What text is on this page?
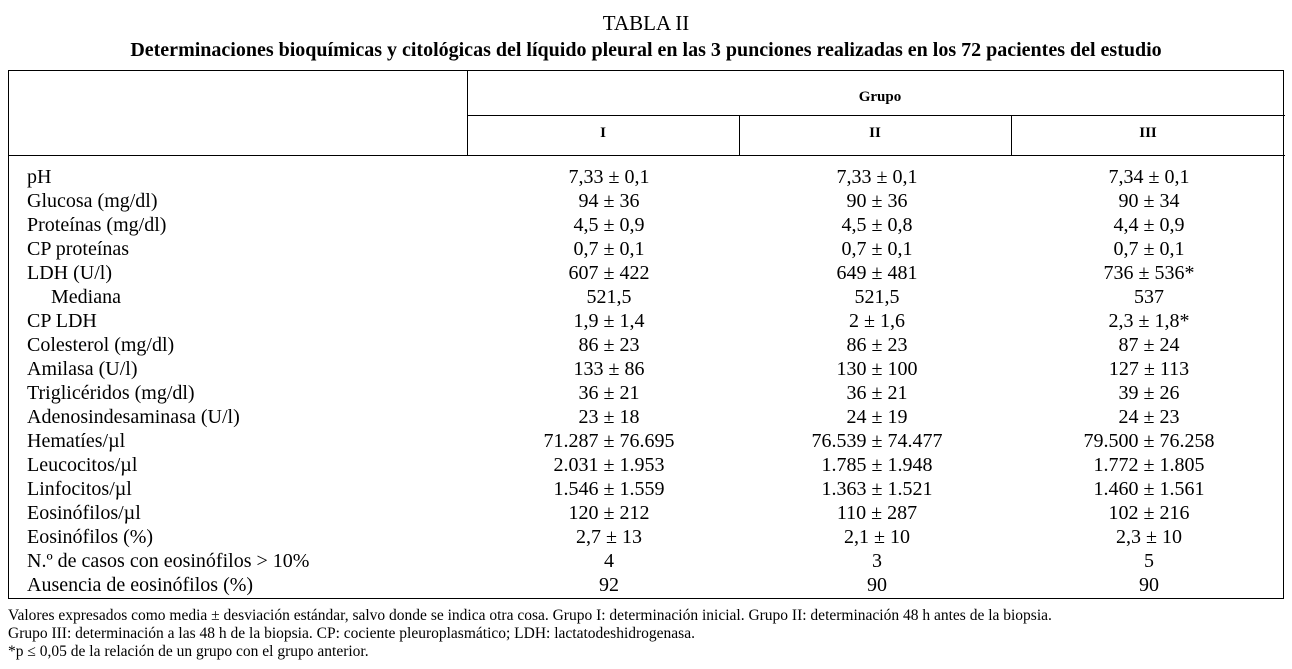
TABLA II
Determinaciones bioquímicas y citológicas del líquido pleural en las 3 punciones realizadas en los 72 pacientes del estudio
Grupo
I	II	III
pH	7,33 ± 0,1	7,33 ± 0,1	7,34 ± 0,1
Glucosa (mg/dl)	94 ± 36	90 ± 36	90 ± 34
Proteínas (mg/dl)	4,5 ± 0,9	4,5 ± 0,8	4,4 ± 0,9
CP proteínas	0,7 ± 0,1	0,7 ± 0,1	0,7 ± 0,1
LDH (U/l)	607 ± 422	649 ± 481	736 ± 536*
Mediana	521,5	521,5	537
CP LDH	1,9 ± 1,4	2 ± 1,6	2,3 ± 1,8*
Colesterol (mg/dl)	86 ± 23	86 ± 23	87 ± 24
Amilasa (U/l)	133 ± 86	130 ± 100	127 ± 113
Triglicéridos (mg/dl)	36 ± 21	36 ± 21	39 ± 26
Adenosindesaminasa (U/l)	23 ± 18	24 ± 19	24 ± 23
Hematíes/µl	71.287 ± 76.695	76.539 ± 74.477	79.500 ± 76.258
Leucocitos/µl	2.031 ± 1.953	1.785 ± 1.948	1.772 ± 1.805
Linfocitos/µl	1.546 ± 1.559	1.363 ± 1.521	1.460 ± 1.561
Eosinófilos/µl	120 ± 212	110 ± 287	102 ± 216
Eosinófilos (%)	2,7 ± 13	2,1 ± 10	2,3 ± 10
N.º de casos con eosinófilos > 10%	4	3	5
Ausencia de eosinófilos (%)	92	90	90
Valores expresados como media ± desviación estándar, salvo donde se indica otra cosa. Grupo I: determinación inicial. Grupo II: determinación 48 h antes de la biopsia.
Grupo III: determinación a las 48 h de la biopsia. CP: cociente pleuroplasmático; LDH: lactatodeshidrogenasa.
*p ≤ 0,05 de la relación de un grupo con el grupo anterior.
